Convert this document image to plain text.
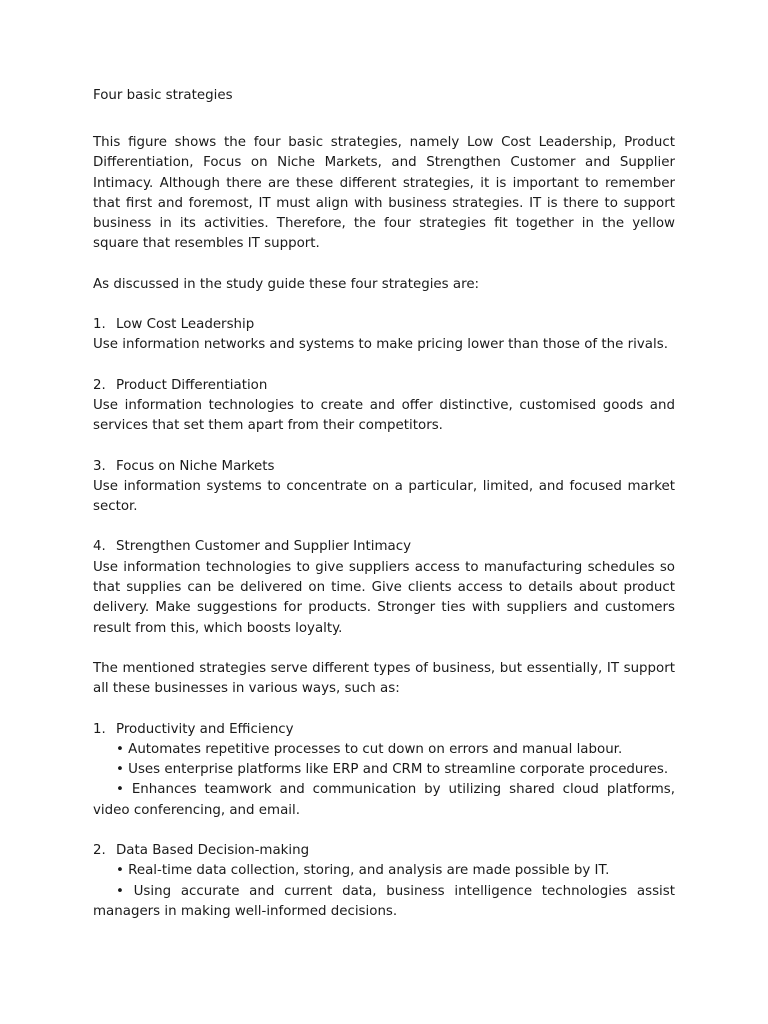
Four basic strategies

This figure shows the four basic strategies, namely Low Cost Leadership, Product Differentiation, Focus on Niche Markets, and Strengthen Customer and Supplier Intimacy. Although there are these different strategies, it is important to remember that first and foremost, IT must align with business strategies. IT is there to support business in its activities. Therefore, the four strategies fit together in the yellow square that resembles IT support.

As discussed in the study guide these four strategies are:

1. Low Cost Leadership

Use information networks and systems to make pricing lower than those of the rivals.

2. Product Differentiation

Use information technologies to create and offer distinctive, customised goods and services that set them apart from their competitors.

3. Focus on Niche Markets

Use information systems to concentrate on a particular, limited, and focused market sector.

4. Strengthen Customer and Supplier Intimacy

Use information technologies to give suppliers access to manufacturing schedules so that supplies can be delivered on time. Give clients access to details about product delivery. Make suggestions for products. Stronger ties with suppliers and customers result from this, which boosts loyalty.

The mentioned strategies serve different types of business, but essentially, IT support all these businesses in various ways, such as:

1. Productivity and Efficiency
• Automates repetitive processes to cut down on errors and manual labour.
• Uses enterprise platforms like ERP and CRM to streamline corporate procedures.
• Enhances teamwork and communication by utilizing shared cloud platforms, video conferencing, and email.
2. Data Based Decision-making
• Real-time data collection, storing, and analysis are made possible by IT.
• Using accurate and current data, business intelligence technologies assist managers in making well-informed decisions.
